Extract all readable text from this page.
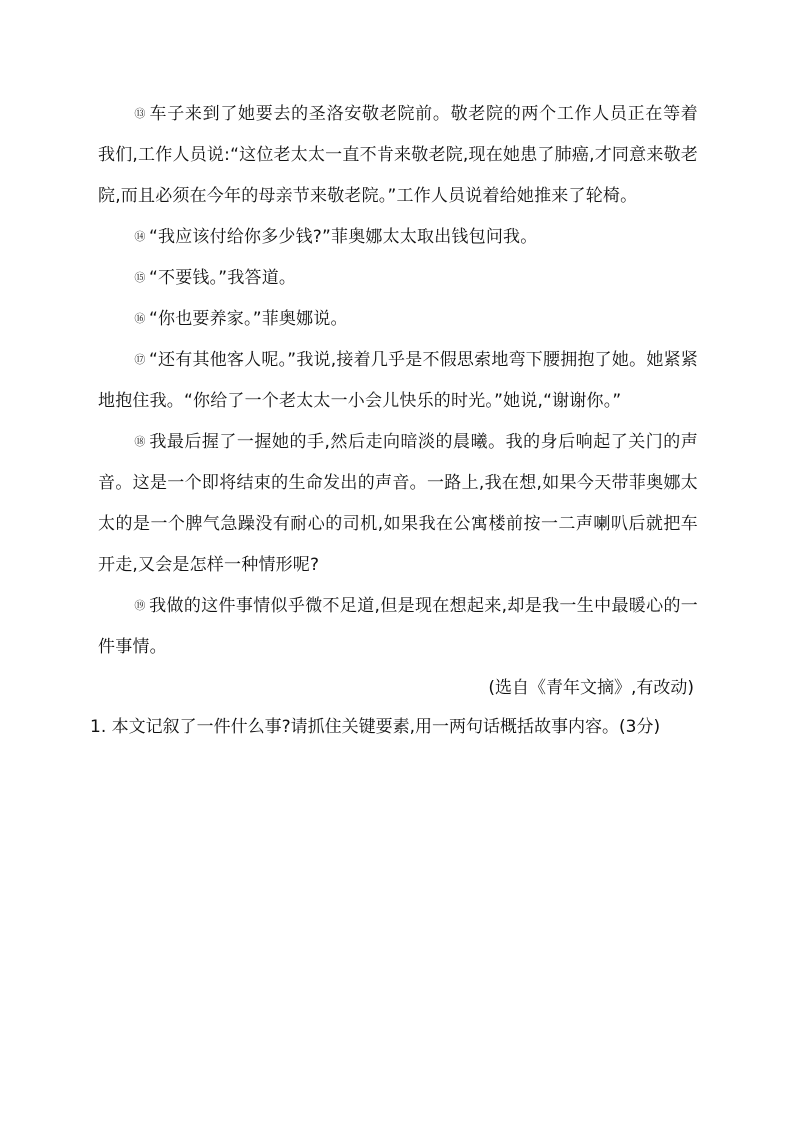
⑬ 车子来到了她要去的圣洛安敬老院前。敬老院的两个工作人员正在等着我们,工作人员说:“这位老太太一直不肯来敬老院,现在她患了肺癌,才同意来敬老院,而且必须在今年的母亲节来敬老院。”工作人员说着给她推来了轮椅。

⑭ “我应该付给你多少钱?”菲奥娜太太取出钱包问我。

⑮ “不要钱。”我答道。

⑯ “你也要养家。”菲奥娜说。

⑰ “还有其他客人呢。”我说,接着几乎是不假思索地弯下腰拥抱了她。她紧紧地抱住我。“你给了一个老太太一小会儿快乐的时光。”她说,“谢谢你。”

⑱ 我最后握了一握她的手,然后走向暗淡的晨曦。我的身后响起了关门的声音。这是一个即将结束的生命发出的声音。一路上,我在想,如果今天带菲奥娜太太的是一个脾气急躁没有耐心的司机,如果我在公寓楼前按一二声喇叭后就把车开走,又会是怎样一种情形呢?

⑲ 我做的这件事情似乎微不足道,但是现在想起来,却是我一生中最暖心的一件事情。

(选自《青年文摘》,有改动)

1. 本文记叙了一件什么事?请抓住关键要素,用一两句话概括故事内容。(3分)
